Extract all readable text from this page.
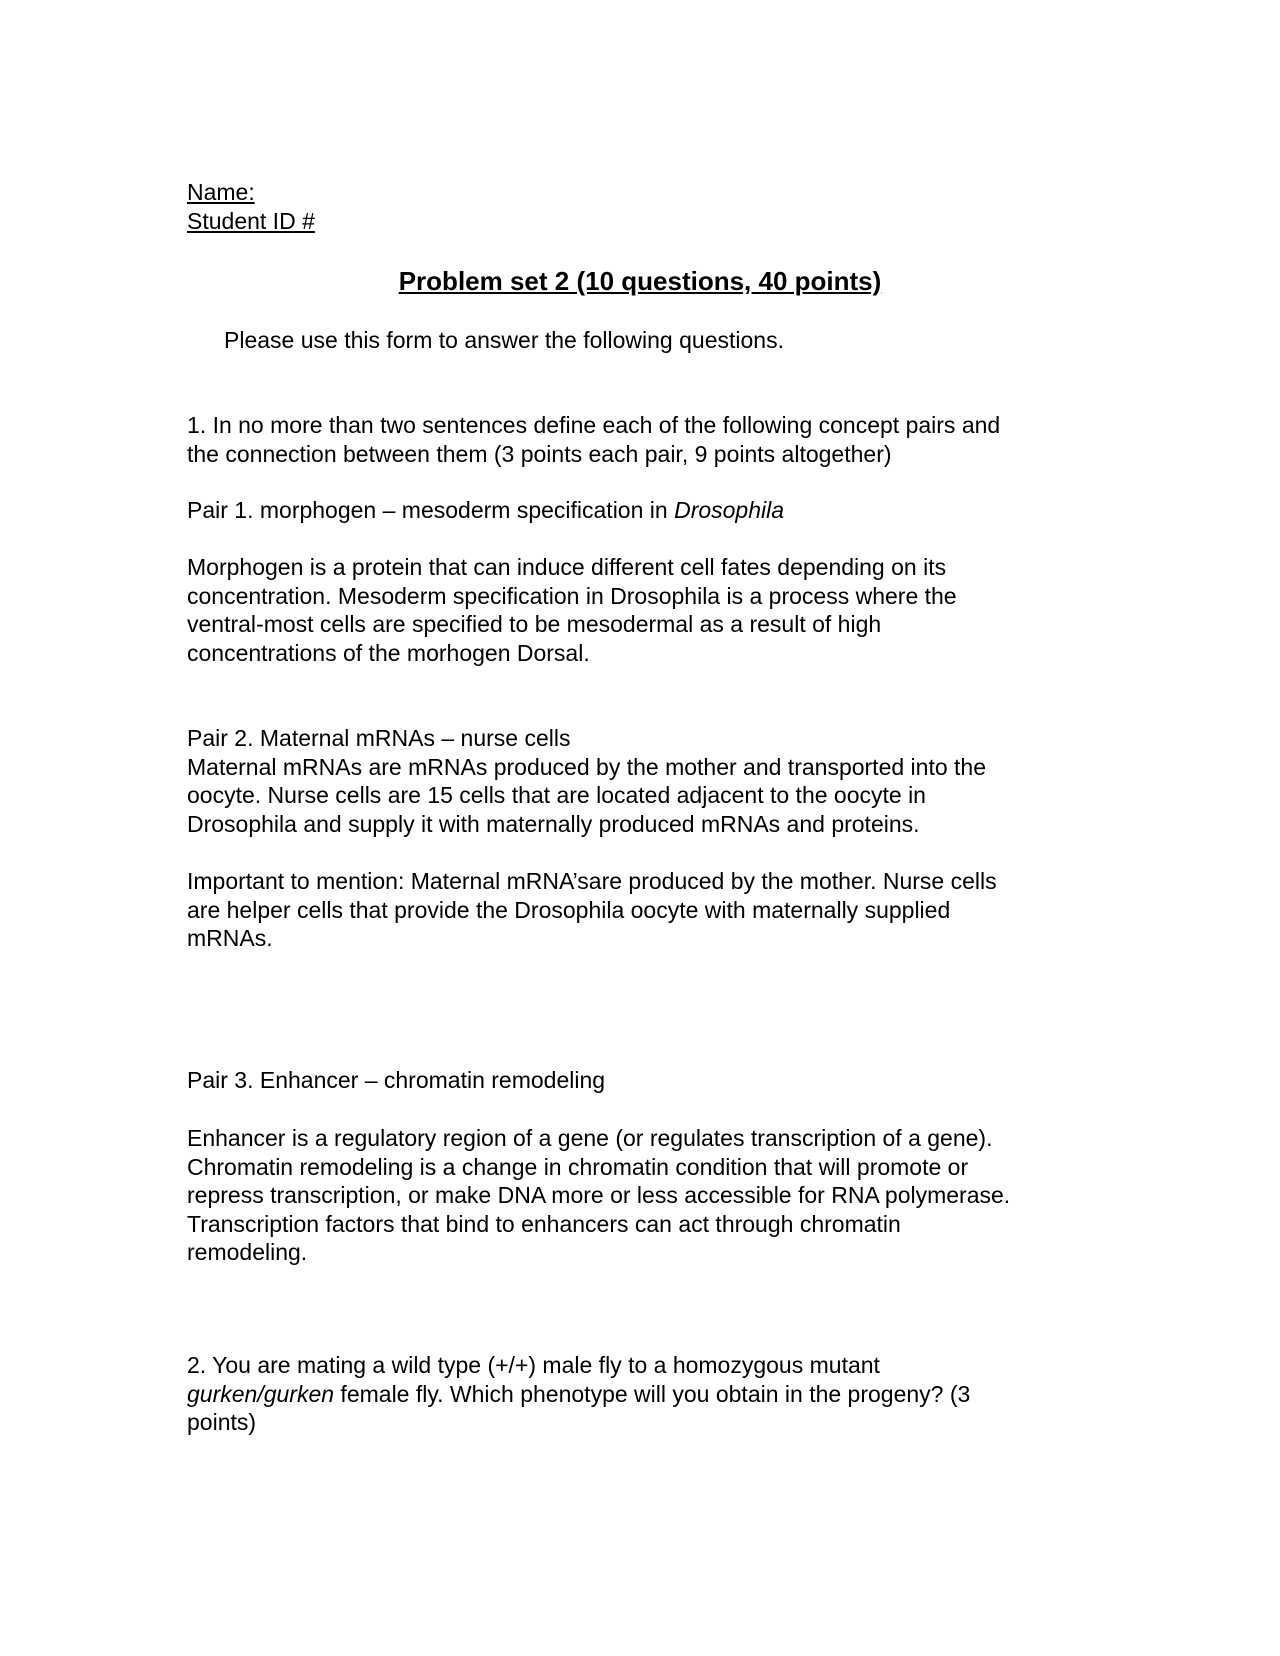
Name:
Student ID #
Problem set 2 (10 questions, 40 points)
Please use this form to answer the following questions.

1. In no more than two sentences define each of the following concept pairs and

the connection between them (3 points each pair, 9 points altogether)

Pair 1. morphogen – mesoderm specification in Drosophila

Morphogen is a protein that can induce different cell fates depending on its

concentration. Mesoderm specification in Drosophila is a process where the

ventral-most cells are specified to be mesodermal as a result of high

concentrations of the morhogen Dorsal.

Pair 2. Maternal mRNAs – nurse cells

Maternal mRNAs are mRNAs produced by the mother and transported into the

oocyte. Nurse cells are 15 cells that are located adjacent to the oocyte in

Drosophila and supply it with maternally produced mRNAs and proteins.

Important to mention: Maternal mRNA’sare produced by the mother. Nurse cells

are helper cells that provide the Drosophila oocyte with maternally supplied

mRNAs.

Pair 3. Enhancer – chromatin remodeling

Enhancer is a regulatory region of a gene (or regulates transcription of a gene).

Chromatin remodeling is a change in chromatin condition that will promote or

repress transcription, or make DNA more or less accessible for RNA polymerase.

Transcription factors that bind to enhancers can act through chromatin

remodeling.

2. You are mating a wild type (+/+) male fly to a homozygous mutant

gurken/gurken female fly. Which phenotype will you obtain in the progeny? (3

points)
